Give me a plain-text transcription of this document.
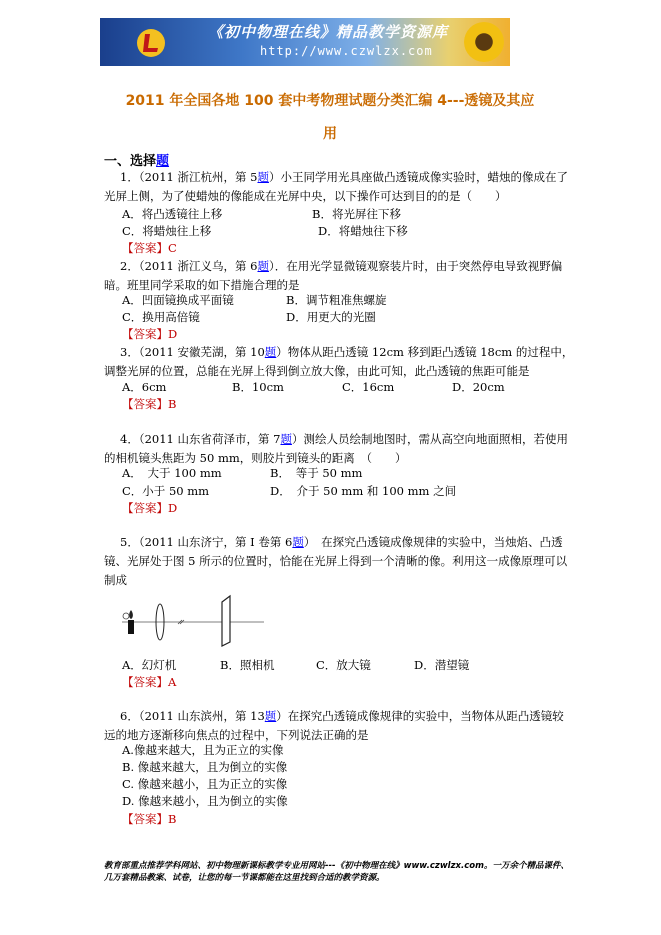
《初中物理在线》精品教学资源库
http://www.czwlzx.com
2011 年全国各地 100 套中考物理试题分类汇编 4---透镜及其应
用
一、选择题
1．（2011 浙江杭州，第 5题）小王同学用光具座做凸透镜成像实验时，蜡烛的像成在了光屏上侧，为了使蜡烛的像能成在光屏中央，以下操作可达到目的的是（　　）
A．将凸透镜往上移	B．将光屏往下移
C．将蜡烛往上移	D．将蜡烛往下移
【答案】C
2．（2011 浙江义乌，第 6题）．在用光学显微镜观察装片时，由于突然停电导致视野偏暗。班里同学采取的如下措施合理的是
A．凹面镜换成平面镜	B．调节粗准焦螺旋
C．换用高倍镜	D．用更大的光圈
【答案】D
3．（2011 安徽芜湖，第 10题）物体从距凸透镜 12cm 移到距凸透镜 18cm 的过程中，调整光屏的位置，总能在光屏上得到倒立放大像，由此可知，此凸透镜的焦距可能是
A．6cm	B．10cm	C．16cm	D．20cm
【答案】B
4．（2011 山东省荷泽市，第 7题）测绘人员绘制地图时，需从高空向地面照相，若使用的相机镜头焦距为 50 mm，则胶片到镜头的距离　（　　）
A．　大于 100 mm	B．　等于 50 mm
C．小于 50 mm	D．　介于 50 mm 和 100 mm 之间
【答案】D
5．（2011 山东济宁，第 I 卷第 6题）　在探究凸透镜成像规律的实验中，当烛焰、凸透镜、光屏处于图 5 所示的位置时，恰能在光屏上得到一个清晰的像。利用这一成像原理可以制成
A．幻灯机	B．照相机	C．放大镜	D．潜望镜
【答案】A
6．（2011 山东滨州，第 13题）在探究凸透镜成像规律的实验中，当物体从距凸透镜较远的地方逐渐移向焦点的过程中，下列说法正确的是
A.像越来越大，且为正立的实像
B. 像越来越大，且为倒立的实像
C. 像越来越小，且为正立的实像
D. 像越来越小，且为倒立的实像
【答案】B
教育部重点推荐学科网站、初中物理新课标教学专业用网站---《初中物理在线》www.czwlzx.com。一万余个精品课件、几万套精品教案、试卷，让您的每一节课都能在这里找到合适的教学资源。
